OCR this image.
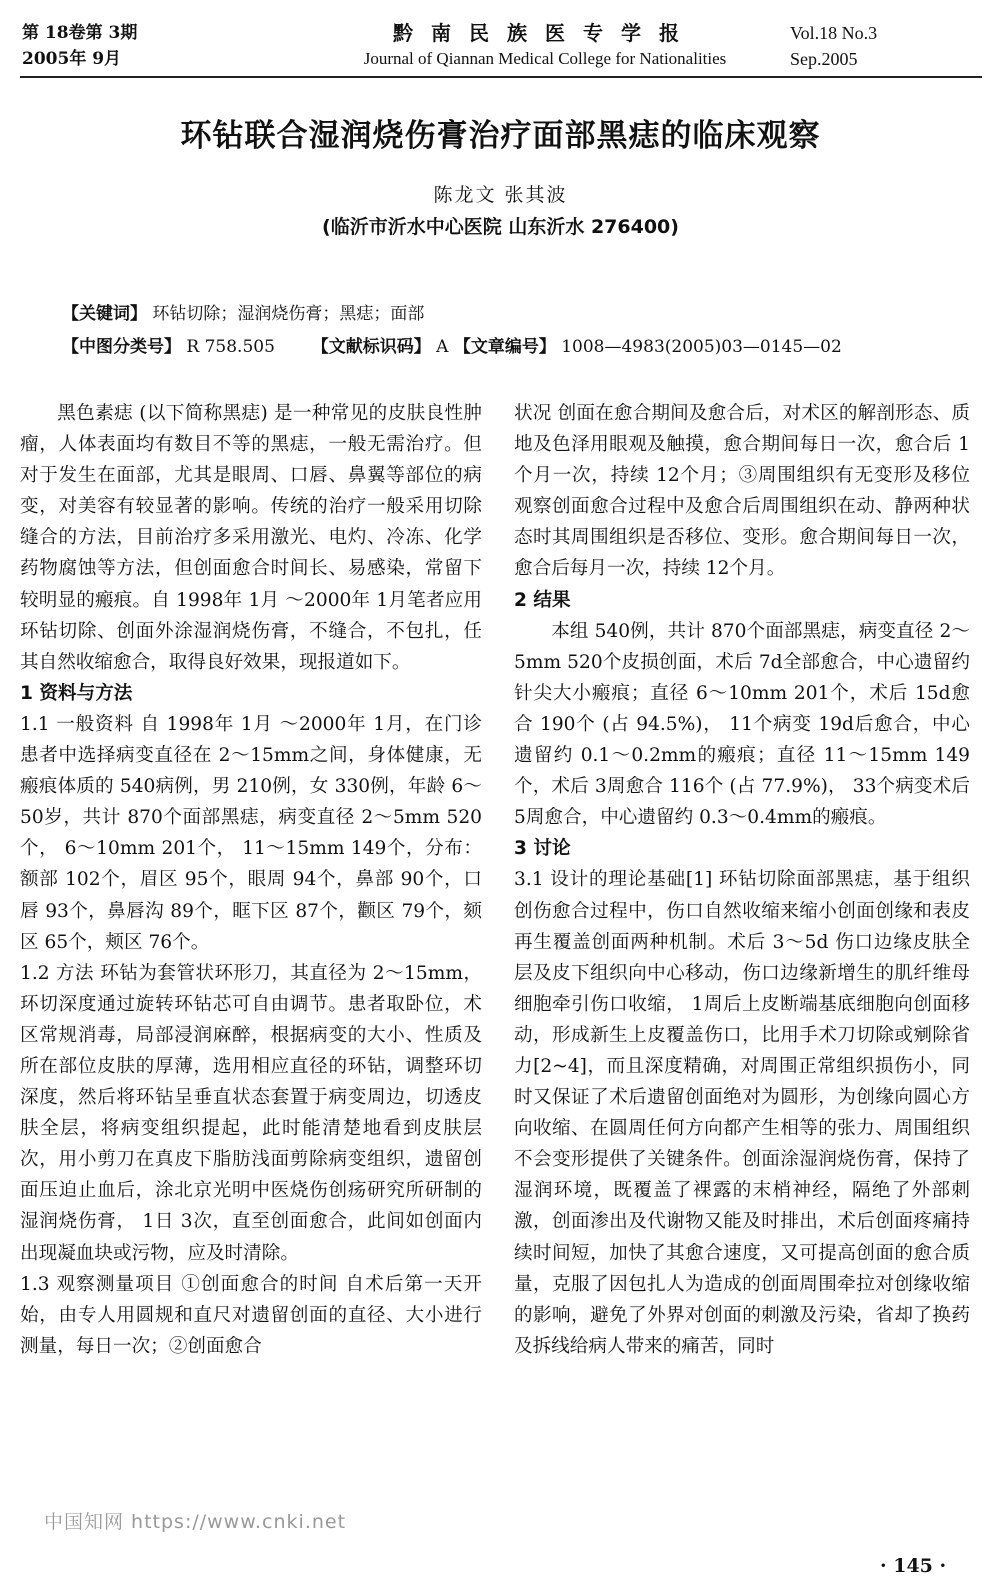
第 18卷第 3期
2005年 9月
黔南民族医专学报
Journal of Qiannan Medical College for Nationalities
Vol.18 No.3
Sep.2005
环钻联合湿润烧伤膏治疗面部黑痣的临床观察
陈龙文 张其波
(临沂市沂水中心医院 山东沂水 276400)
【关键词】 环钻切除；湿润烧伤膏；黑痣；面部
【中图分类号】 R 758.505 【文献标识码】 A 【文章编号】 1008—4983(2005)03—0145—02

黑色素痣 (以下简称黑痣) 是一种常见的皮肤良性肿瘤，人体表面均有数目不等的黑痣，一般无需治疗。但对于发生在面部，尤其是眼周、口唇、鼻翼等部位的病变，对美容有较显著的影响。传统的治疗一般采用切除缝合的方法，目前治疗多采用激光、电灼、冷冻、化学药物腐蚀等方法，但创面愈合时间长、易感染，常留下较明显的瘢痕。自 1998年 1月 ～2000年 1月笔者应用环钻切除、创面外涂湿润烧伤膏，不缝合，不包扎，任其自然收缩愈合，取得良好效果，现报道如下。

1 资料与方法

1.1 一般资料 自 1998年 1月 ～2000年 1月，在门诊患者中选择病变直径在 2～15mm之间，身体健康，无瘢痕体质的 540病例，男 210例，女 330例，年龄 6～50岁，共计 870个面部黑痣，病变直径 2～5mm 520个， 6～10mm 201个， 11～15mm 149个，分布：额部 102个，眉区 95个，眼周 94个，鼻部 90个，口唇 93个，鼻唇沟 89个，眶下区 87个，颧区 79个，颏区 65个，颊区 76个。

1.2 方法 环钻为套管状环形刀，其直径为 2～15mm，环切深度通过旋转环钻芯可自由调节。患者取卧位，术区常规消毒，局部浸润麻醉，根据病变的大小、性质及所在部位皮肤的厚薄，选用相应直径的环钻，调整环切深度，然后将环钻呈垂直状态套置于病变周边，切透皮肤全层，将病变组织提起，此时能清楚地看到皮肤层次，用小剪刀在真皮下脂肪浅面剪除病变组织，遗留创面压迫止血后，涂北京光明中医烧伤创疡研究所研制的湿润烧伤膏， 1日 3次，直至创面愈合，此间如创面内出现凝血块或污物，应及时清除。

1.3 观察测量项目 ①创面愈合的时间 自术后第一天开始，由专人用圆规和直尺对遗留创面的直径、大小进行测量，每日一次；②创面愈合

状况 创面在愈合期间及愈合后，对术区的解剖形态、质地及色泽用眼观及触摸，愈合期间每日一次，愈合后 1个月一次，持续 12个月；③周围组织有无变形及移位 观察创面愈合过程中及愈合后周围组织在动、静两种状态时其周围组织是否移位、变形。愈合期间每日一次，愈合后每月一次，持续 12个月。

2 结果

本组 540例，共计 870个面部黑痣，病变直径 2～5mm 520个皮损创面，术后 7d全部愈合，中心遗留约针尖大小瘢痕；直径 6～10mm 201个，术后 15d愈合 190个 (占 94.5%)， 11个病变 19d后愈合，中心遗留约 0.1～0.2mm的瘢痕；直径 11～15mm 149个，术后 3周愈合 116个 (占 77.9%)， 33个病变术后 5周愈合，中心遗留约 0.3～0.4mm的瘢痕。

3 讨论

3.1 设计的理论基础[1] 环钻切除面部黑痣，基于组织创伤愈合过程中，伤口自然收缩来缩小创面创缘和表皮再生覆盖创面两种机制。术后 3～5d 伤口边缘皮肤全层及皮下组织向中心移动，伤口边缘新增生的肌纤维母细胞牵引伤口收缩， 1周后上皮断端基底细胞向创面移动，形成新生上皮覆盖伤口，比用手术刀切除或剜除省力[2~4]，而且深度精确，对周围正常组织损伤小，同时又保证了术后遗留创面绝对为圆形，为创缘向圆心方向收缩、在圆周任何方向都产生相等的张力、周围组织不会变形提供了关键条件。创面涂湿润烧伤膏，保持了湿润环境，既覆盖了裸露的末梢神经，隔绝了外部刺激，创面渗出及代谢物又能及时排出，术后创面疼痛持续时间短，加快了其愈合速度，又可提高创面的愈合质量，克服了因包扎人为造成的创面周围牵拉对创缘收缩的影响，避免了外界对创面的刺激及污染，省却了换药及拆线给病人带来的痛苦，同时

中国知网 https://www.cnki.net
· 145 ·
